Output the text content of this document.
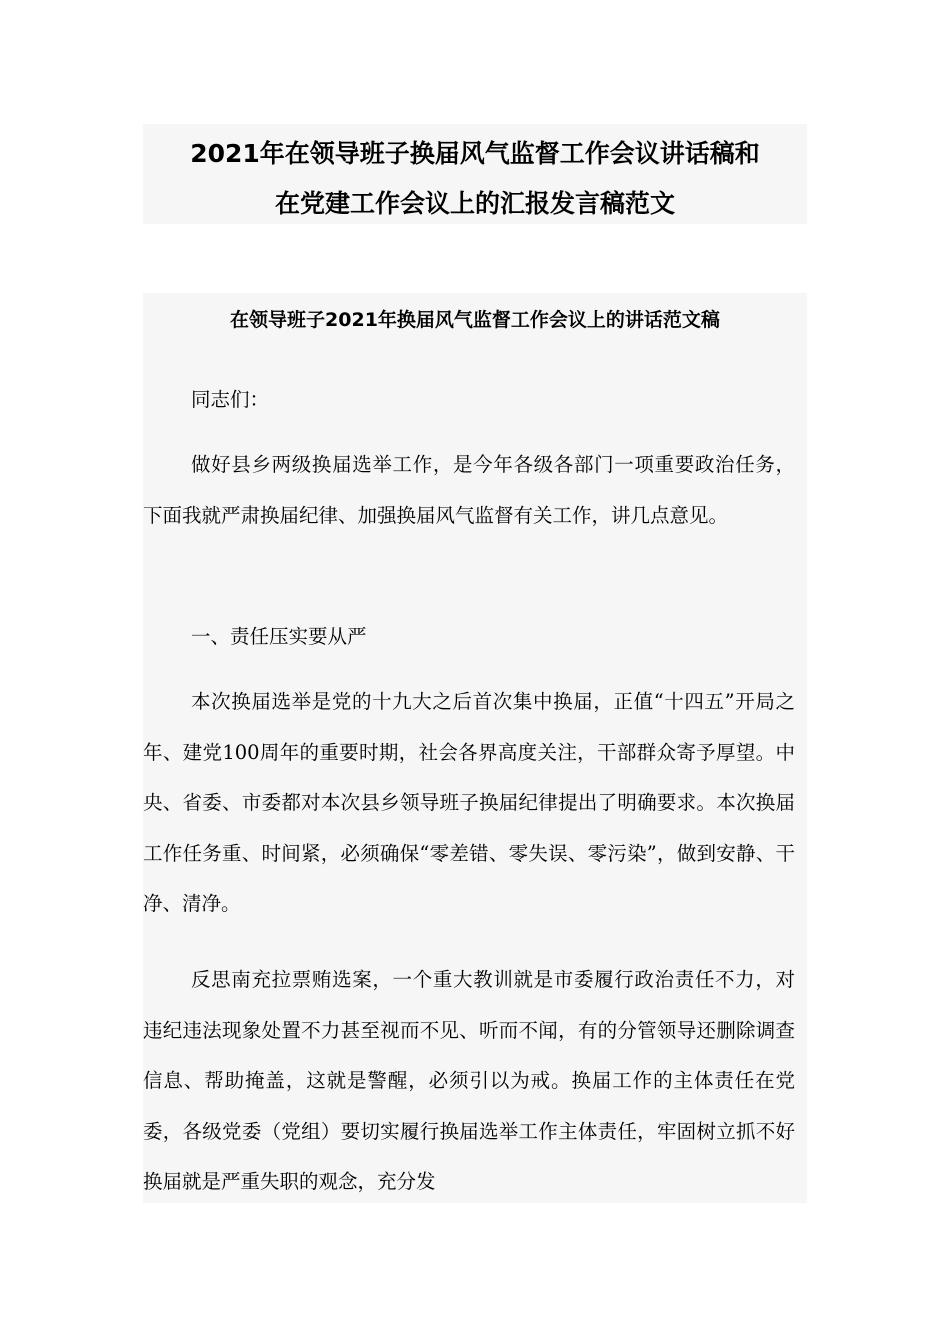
2021年在领导班子换届风气监督工作会议讲话稿和
在党建工作会议上的汇报发言稿范文
在领导班子2021年换届风气监督工作会议上的讲话范文稿

同志们：

做好县乡两级换届选举工作，是今年各级各部门一项重要政治任务，下面我就严肃换届纪律、加强换届风气监督有关工作，讲几点意见。

一、责任压实要从严

本次换届选举是党的十九大之后首次集中换届，正值“十四五”开局之年、建党100周年的重要时期，社会各界高度关注，干部群众寄予厚望。中央、省委、市委都对本次县乡领导班子换届纪律提出了明确要求。本次换届工作任务重、时间紧，必须确保“零差错、零失误、零污染”，做到安静、干净、清净。

反思南充拉票贿选案，一个重大教训就是市委履行政治责任不力，对违纪违法现象处置不力甚至视而不见、听而不闻，有的分管领导还删除调查信息、帮助掩盖，这就是警醒，必须引以为戒。换届工作的主体责任在党委，各级党委（党组）要切实履行换届选举工作主体责任，牢固树立抓不好换届就是严重失职的观念，充分发
